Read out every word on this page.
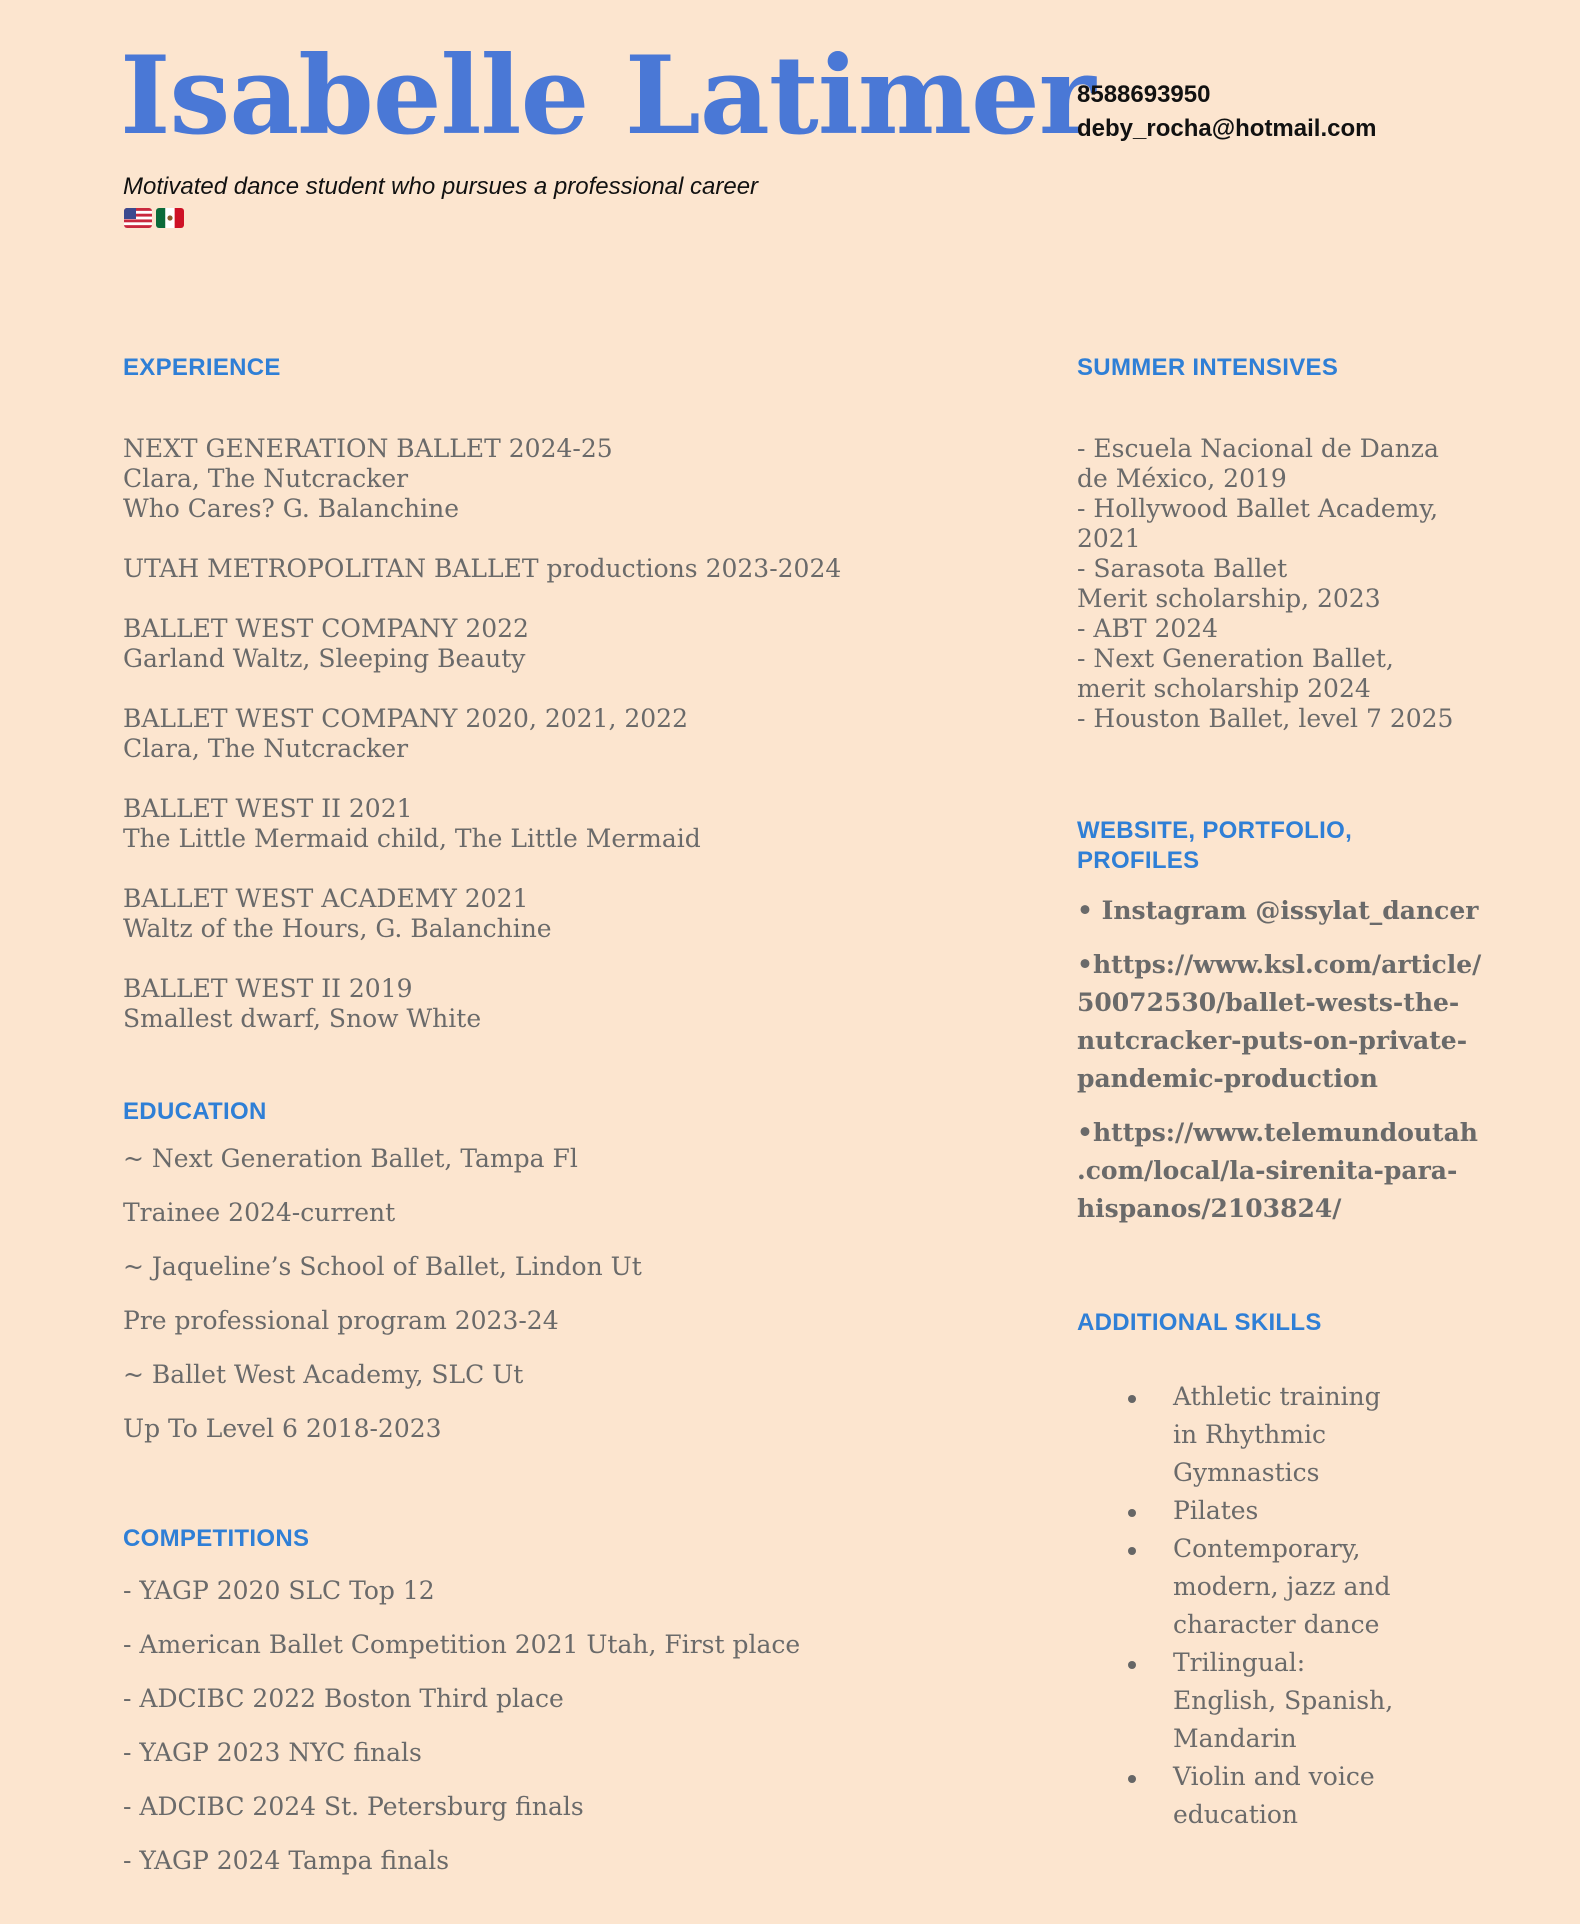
Isabelle Latimer
8588693950
deby_rocha@hotmail.com
Motivated dance student who pursues a professional career
EXPERIENCE
NEXT GENERATION BALLET 2024-25
Clara, The Nutcracker
Who Cares? G. Balanchine
UTAH METROPOLITAN BALLET productions 2023-2024
BALLET WEST COMPANY 2022
Garland Waltz, Sleeping Beauty
BALLET WEST COMPANY 2020, 2021, 2022
Clara, The Nutcracker
BALLET WEST II 2021
The Little Mermaid child, The Little Mermaid
BALLET WEST ACADEMY 2021
Waltz of the Hours, G. Balanchine
BALLET WEST II 2019
Smallest dwarf, Snow White
EDUCATION
~ Next Generation Ballet, Tampa Fl
Trainee 2024-current
~ Jaqueline’s School of Ballet, Lindon Ut
Pre professional program 2023-24
~ Ballet West Academy, SLC Ut
Up To Level 6 2018-2023
COMPETITIONS
- YAGP 2020 SLC Top 12
- American Ballet Competition 2021 Utah, First place
- ADCIBC 2022 Boston Third place
- YAGP 2023 NYC finals
- ADCIBC 2024 St. Petersburg finals
- YAGP 2024 Tampa finals
SUMMER INTENSIVES
- Escuela Nacional de Danza
de México, 2019
- Hollywood Ballet Academy,
2021
- Sarasota Ballet
Merit scholarship, 2023
- ABT 2024
- Next Generation Ballet,
merit scholarship 2024
- Houston Ballet, level 7 2025
WEBSITE, PORTFOLIO,
PROFILES
• Instagram @issylat_dancer
•https://www.ksl.com/article/
50072530/ballet-wests-the-
nutcracker-puts-on-private-
pandemic-production
•https://www.telemundoutah
.com/local/la-sirenita-para-
hispanos/2103824/
ADDITIONAL SKILLS
Athletic training in Rhythmic Gymnastics
Pilates
Contemporary, modern, jazz and character dance
Trilingual: English, Spanish, Mandarin
Violin and voice education
